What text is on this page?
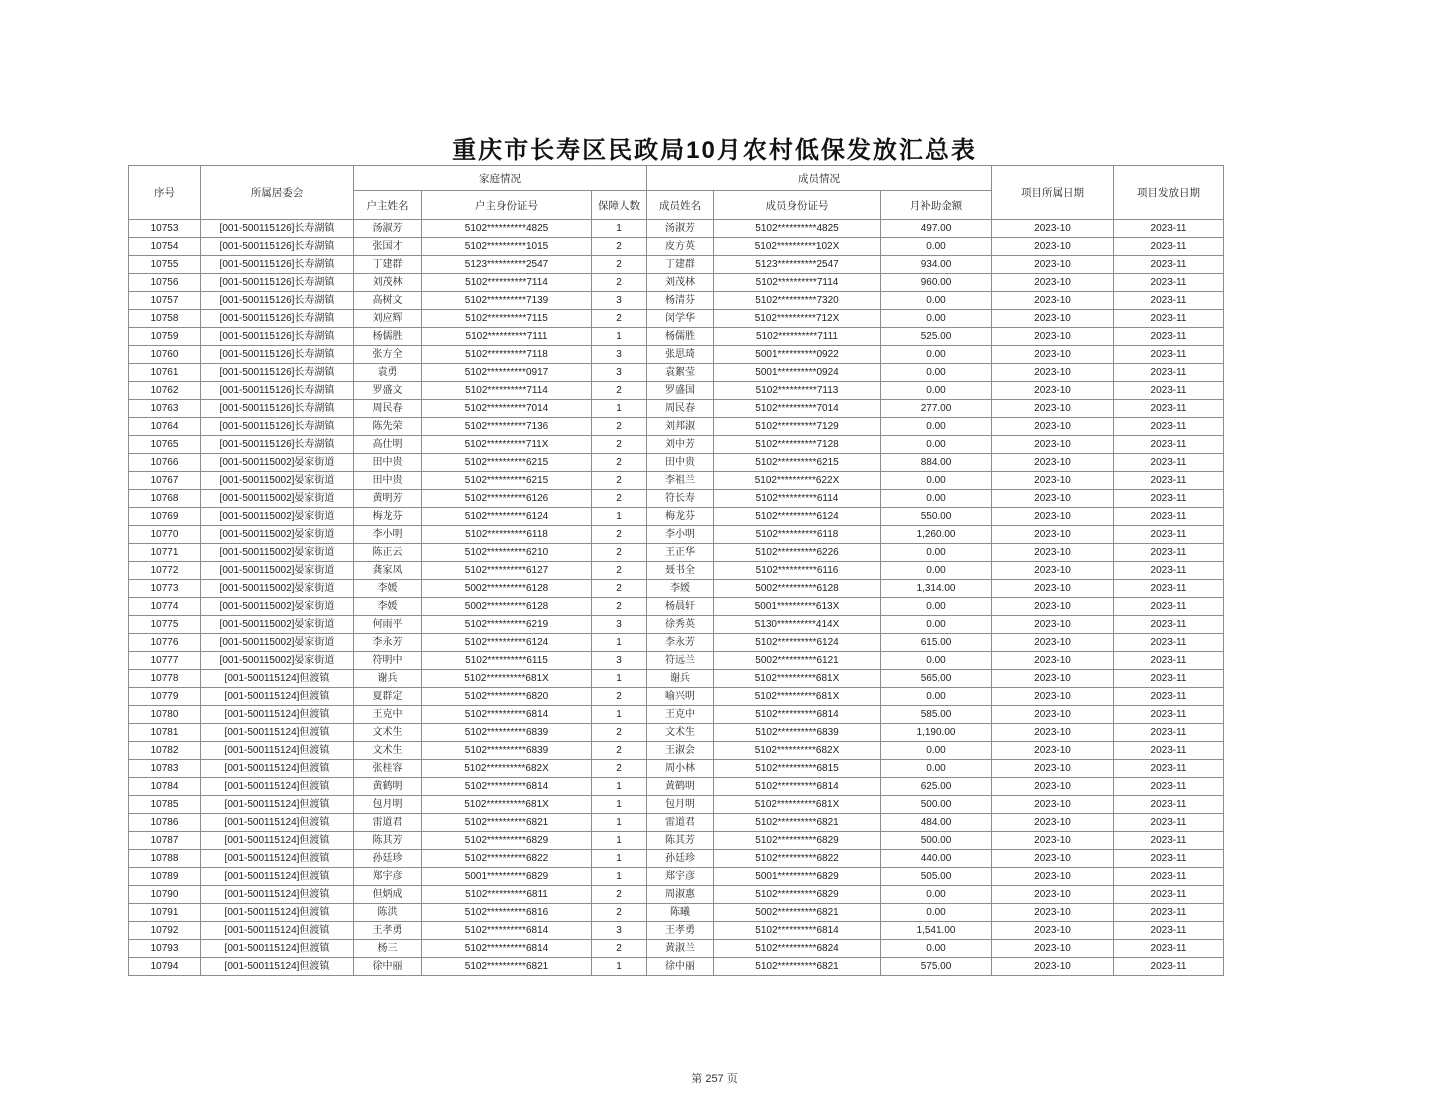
重庆市长寿区民政局10月农村低保发放汇总表
序号	所属居委会	家庭情况			成员情况			项目所属日期	项目发放日期
		户主姓名	户主身份证号	保障人数	成员姓名	成员身份证号	月补助金额		
10753	[001-500115126]长寿湖镇	汤淑芳	5102**********4825	1	汤淑芳	5102**********4825	497.00	2023-10	2023-11
10754	[001-500115126]长寿湖镇	张国才	5102**********1015	2	皮方英	5102**********102X	0.00	2023-10	2023-11
10755	[001-500115126]长寿湖镇	丁建群	5123**********2547	2	丁建群	5123**********2547	934.00	2023-10	2023-11
10756	[001-500115126]长寿湖镇	刘茂林	5102**********7114	2	刘茂林	5102**********7114	960.00	2023-10	2023-11
10757	[001-500115126]长寿湖镇	高树文	5102**********7139	3	杨清芬	5102**********7320	0.00	2023-10	2023-11
10758	[001-500115126]长寿湖镇	刘应辉	5102**********7115	2	闵学华	5102**********712X	0.00	2023-10	2023-11
10759	[001-500115126]长寿湖镇	杨儒胜	5102**********7111	1	杨儒胜	5102**********7111	525.00	2023-10	2023-11
10760	[001-500115126]长寿湖镇	张方全	5102**********7118	3	张思琦	5001**********0922	0.00	2023-10	2023-11
10761	[001-500115126]长寿湖镇	袁勇	5102**********0917	3	袁絮莹	5001**********0924	0.00	2023-10	2023-11
10762	[001-500115126]长寿湖镇	罗盛文	5102**********7114	2	罗盛国	5102**********7113	0.00	2023-10	2023-11
10763	[001-500115126]长寿湖镇	周民春	5102**********7014	1	周民春	5102**********7014	277.00	2023-10	2023-11
10764	[001-500115126]长寿湖镇	陈先荣	5102**********7136	2	刘邦淑	5102**********7129	0.00	2023-10	2023-11
10765	[001-500115126]长寿湖镇	高仕明	5102**********711X	2	刘中芳	5102**********7128	0.00	2023-10	2023-11
10766	[001-500115002]晏家街道	田中贵	5102**********6215	2	田中贵	5102**********6215	884.00	2023-10	2023-11
10767	[001-500115002]晏家街道	田中贵	5102**********6215	2	李祖兰	5102**********622X	0.00	2023-10	2023-11
10768	[001-500115002]晏家街道	黄明芳	5102**********6126	2	符长寿	5102**********6114	0.00	2023-10	2023-11
10769	[001-500115002]晏家街道	梅龙芬	5102**********6124	1	梅龙芬	5102**********6124	550.00	2023-10	2023-11
10770	[001-500115002]晏家街道	李小明	5102**********6118	2	李小明	5102**********6118	1,260.00	2023-10	2023-11
10771	[001-500115002]晏家街道	陈正云	5102**********6210	2	王正华	5102**********6226	0.00	2023-10	2023-11
10772	[001-500115002]晏家街道	龚家凤	5102**********6127	2	聂书全	5102**********6116	0.00	2023-10	2023-11
10773	[001-500115002]晏家街道	李媛	5002**********6128	2	李媛	5002**********6128	1,314.00	2023-10	2023-11
10774	[001-500115002]晏家街道	李媛	5002**********6128	2	杨晨轩	5001**********613X	0.00	2023-10	2023-11
10775	[001-500115002]晏家街道	何雨平	5102**********6219	3	徐秀英	5130**********414X	0.00	2023-10	2023-11
10776	[001-500115002]晏家街道	李永芳	5102**********6124	1	李永芳	5102**********6124	615.00	2023-10	2023-11
10777	[001-500115002]晏家街道	符明中	5102**********6115	3	符远兰	5002**********6121	0.00	2023-10	2023-11
10778	[001-500115124]但渡镇	谢兵	5102**********681X	1	谢兵	5102**********681X	565.00	2023-10	2023-11
10779	[001-500115124]但渡镇	夏群定	5102**********6820	2	喻兴明	5102**********681X	0.00	2023-10	2023-11
10780	[001-500115124]但渡镇	王克中	5102**********6814	1	王克中	5102**********6814	585.00	2023-10	2023-11
10781	[001-500115124]但渡镇	文术生	5102**********6839	2	文术生	5102**********6839	1,190.00	2023-10	2023-11
10782	[001-500115124]但渡镇	文术生	5102**********6839	2	王淑会	5102**********682X	0.00	2023-10	2023-11
10783	[001-500115124]但渡镇	张桂容	5102**********682X	2	周小林	5102**********6815	0.00	2023-10	2023-11
10784	[001-500115124]但渡镇	黄鹤明	5102**********6814	1	黄鹤明	5102**********6814	625.00	2023-10	2023-11
10785	[001-500115124]但渡镇	包月明	5102**********681X	1	包月明	5102**********681X	500.00	2023-10	2023-11
10786	[001-500115124]但渡镇	雷道君	5102**********6821	1	雷道君	5102**********6821	484.00	2023-10	2023-11
10787	[001-500115124]但渡镇	陈其芳	5102**********6829	1	陈其芳	5102**********6829	500.00	2023-10	2023-11
10788	[001-500115124]但渡镇	孙廷珍	5102**********6822	1	孙廷珍	5102**********6822	440.00	2023-10	2023-11
10789	[001-500115124]但渡镇	郑宇彦	5001**********6829	1	郑宇彦	5001**********6829	505.00	2023-10	2023-11
10790	[001-500115124]但渡镇	但炳成	5102**********6811	2	周淑惠	5102**********6829	0.00	2023-10	2023-11
10791	[001-500115124]但渡镇	陈洪	5102**********6816	2	陈曦	5002**********6821	0.00	2023-10	2023-11
10792	[001-500115124]但渡镇	王孝勇	5102**********6814	3	王孝勇	5102**********6814	1,541.00	2023-10	2023-11
10793	[001-500115124]但渡镇	杨三	5102**********6814	2	黄淑兰	5102**********6824	0.00	2023-10	2023-11
10794	[001-500115124]但渡镇	徐中丽	5102**********6821	1	徐中丽	5102**********6821	575.00	2023-10	2023-11
第 257 页
